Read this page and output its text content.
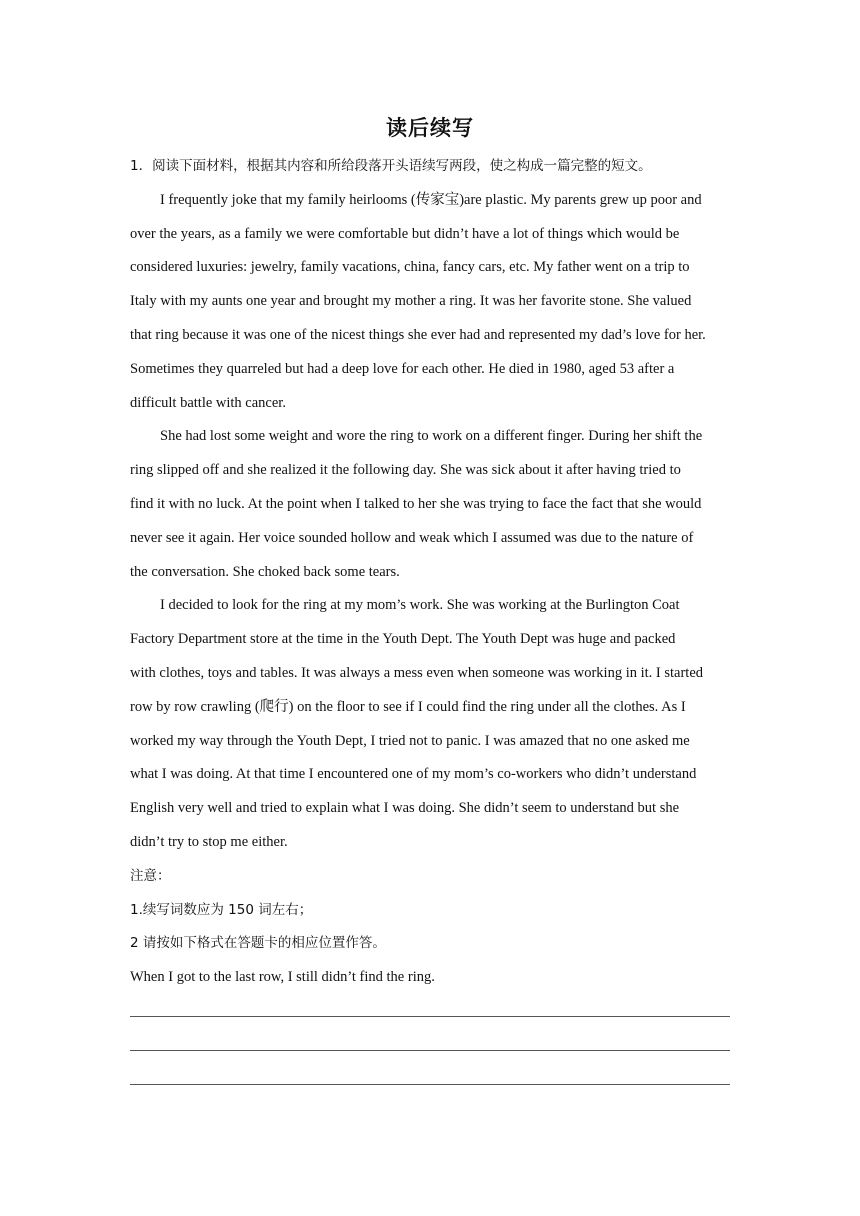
读后续写
1．阅读下面材料，根据其内容和所给段落开头语续写两段，使之构成一篇完整的短文。
I frequently joke that my family heirlooms (传家宝)are plastic. My parents grew up poor and
over the years, as a family we were comfortable but didn’t have a lot of things which would be
considered luxuries: jewelry, family vacations, china, fancy cars, etc. My father went on a trip to
Italy with my aunts one year and brought my mother a ring. It was her favorite stone. She valued
that ring because it was one of the nicest things she ever had and represented my dad’s love for her.
Sometimes they quarreled but had a deep love for each other. He died in 1980, aged 53 after a
difficult battle with cancer.
She had lost some weight and wore the ring to work on a different finger. During her shift the
ring slipped off and she realized it the following day. She was sick about it after having tried to
find it with no luck. At the point when I talked to her she was trying to face the fact that she would
never see it again. Her voice sounded hollow and weak which I assumed was due to the nature of
the conversation. She choked back some tears.
I decided to look for the ring at my mom’s work. She was working at the Burlington Coat
Factory Department store at the time in the Youth Dept. The Youth Dept was huge and packed
with clothes, toys and tables. It was always a mess even when someone was working in it. I started
row by row crawling (爬行) on the floor to see if I could find the ring under all the clothes. As I
worked my way through the Youth Dept, I tried not to panic. I was amazed that no one asked me
what I was doing. At that time I encountered one of my mom’s co-workers who didn’t understand
English very well and tried to explain what I was doing. She didn’t seem to understand but she
didn’t try to stop me either.
注意：
1.续写词数应为 150 词左右；
2 请按如下格式在答题卡的相应位置作答。
When I got to the last row, I still didn’t find the ring.
